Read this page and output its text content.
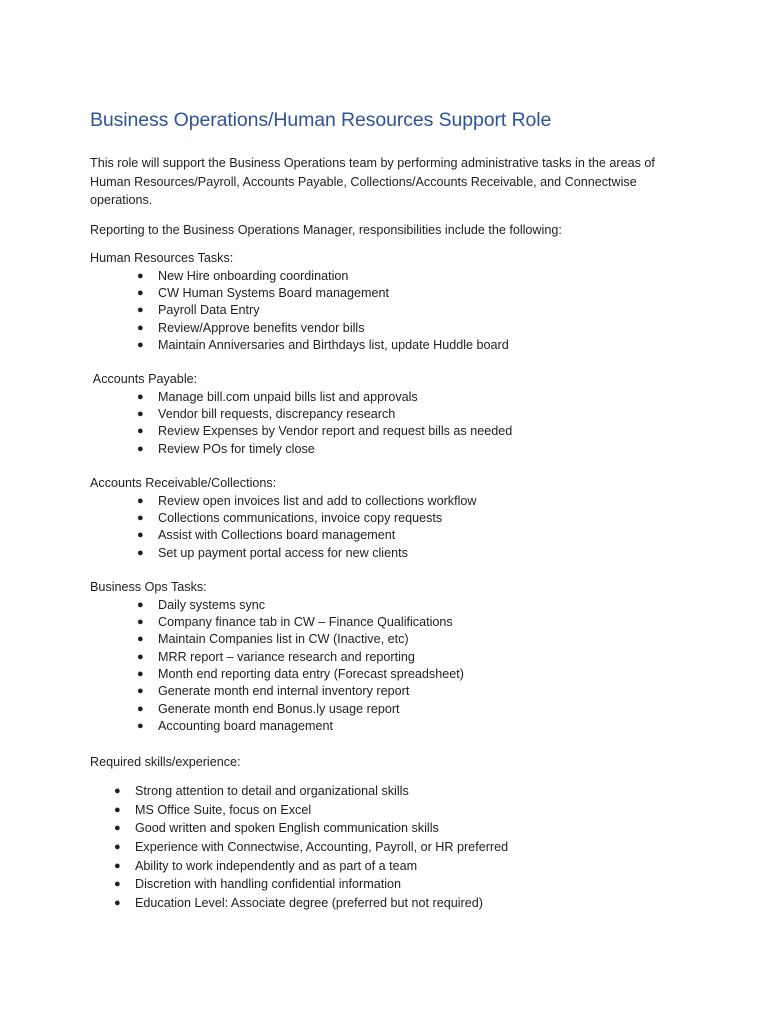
Business Operations/Human Resources Support Role

This role will support the Business Operations team by performing administrative tasks in the areas of Human Resources/Payroll, Accounts Payable, Collections/Accounts Receivable, and Connectwise operations.

Reporting to the Business Operations Manager, responsibilities include the following:

Human Resources Tasks:

● New Hire onboarding coordination
● CW Human Systems Board management
● Payroll Data Entry
● Review/Approve benefits vendor bills
● Maintain Anniversaries and Birthdays list, update Huddle board

Accounts Payable:

● Manage bill.com unpaid bills list and approvals
● Vendor bill requests, discrepancy research
● Review Expenses by Vendor report and request bills as needed
● Review POs for timely close

Accounts Receivable/Collections:

● Review open invoices list and add to collections workflow
● Collections communications, invoice copy requests
● Assist with Collections board management
● Set up payment portal access for new clients

Business Ops Tasks:

● Daily systems sync
● Company finance tab in CW – Finance Qualifications
● Maintain Companies list in CW (Inactive, etc)
● MRR report – variance research and reporting
● Month end reporting data entry (Forecast spreadsheet)
● Generate month end internal inventory report
● Generate month end Bonus.ly usage report
● Accounting board management

Required skills/experience:

● Strong attention to detail and organizational skills
● MS Office Suite, focus on Excel
● Good written and spoken English communication skills
● Experience with Connectwise, Accounting, Payroll, or HR preferred
● Ability to work independently and as part of a team
● Discretion with handling confidential information
● Education Level: Associate degree (preferred but not required)
